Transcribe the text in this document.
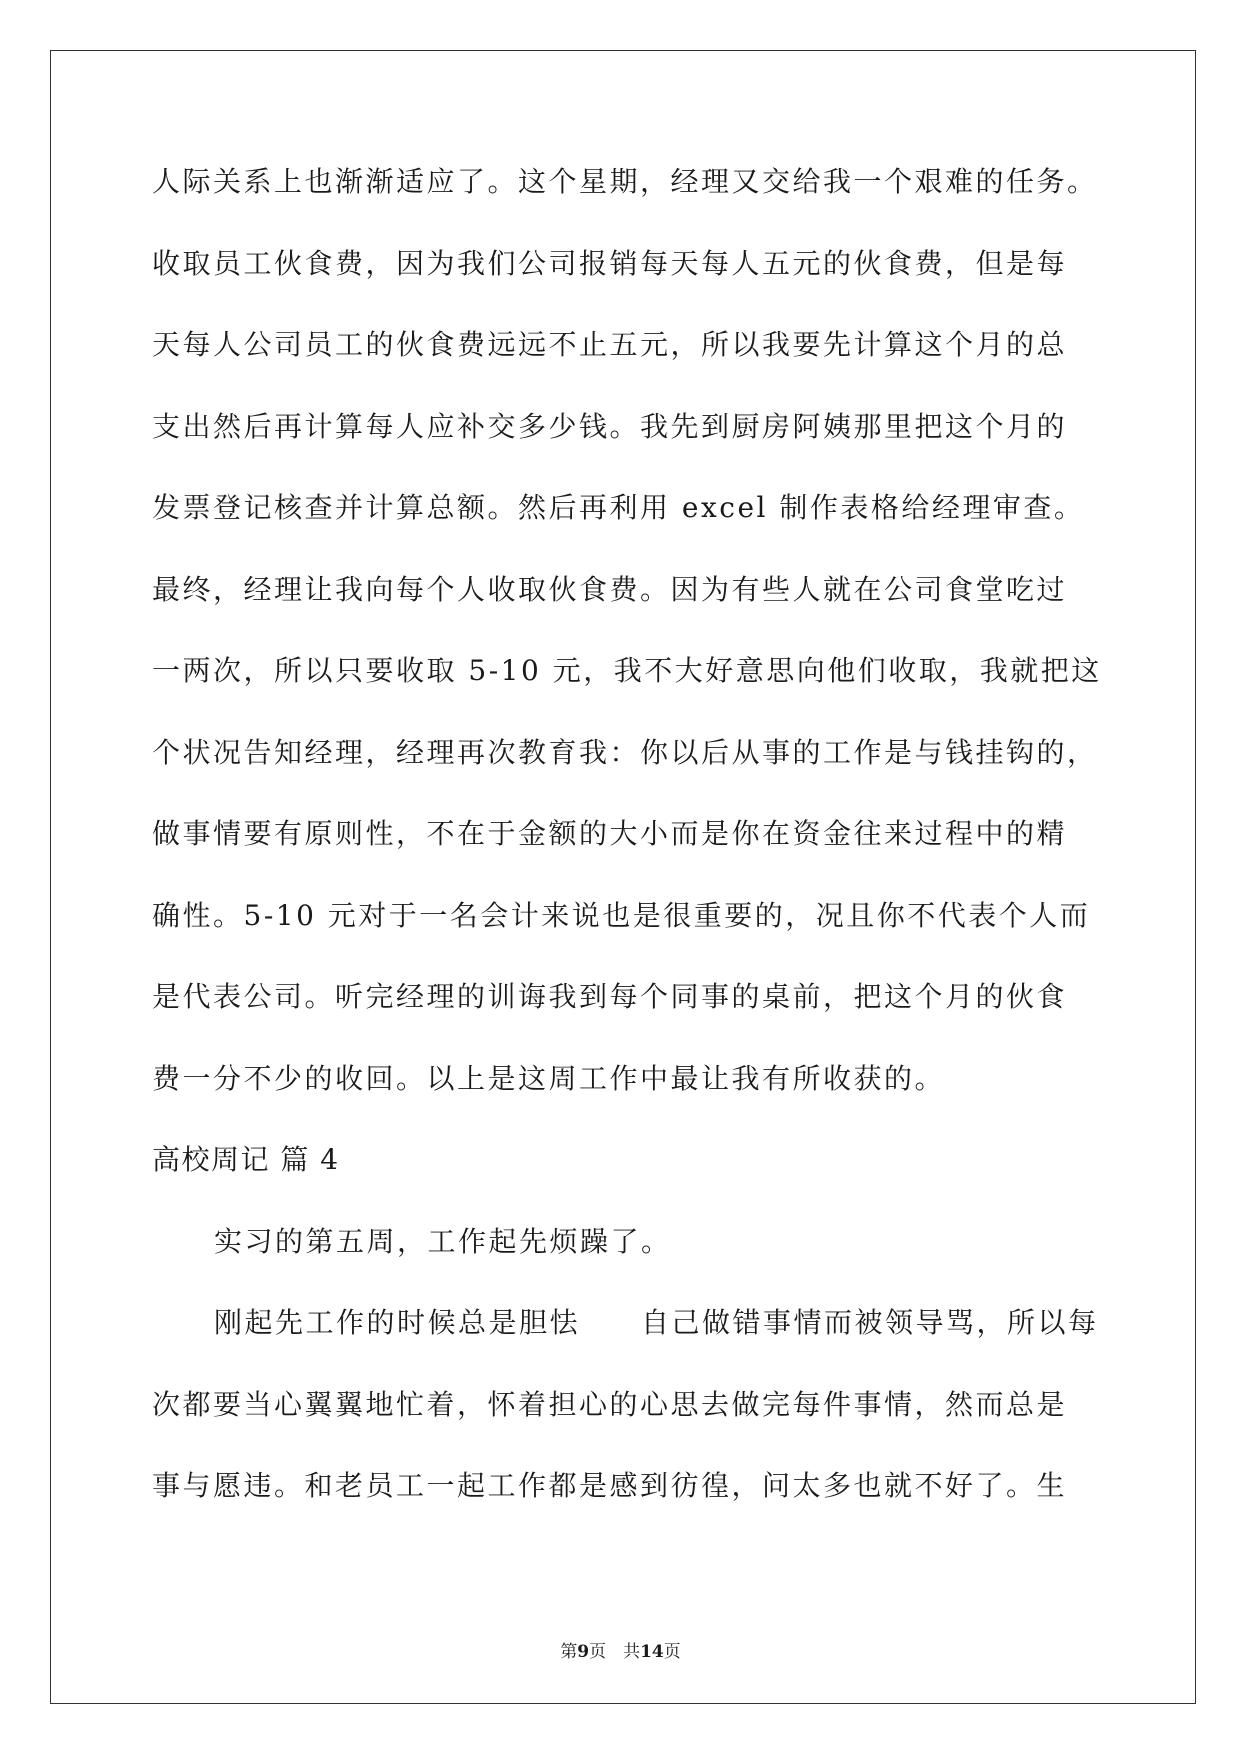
人际关系上也渐渐适应了。这个星期，经理又交给我一个艰难的任务。
收取员工伙食费，因为我们公司报销每天每人五元的伙食费，但是每
天每人公司员工的伙食费远远不止五元，所以我要先计算这个月的总
支出然后再计算每人应补交多少钱。我先到厨房阿姨那里把这个月的
发票登记核查并计算总额。然后再利用 excel 制作表格给经理审查。
最终，经理让我向每个人收取伙食费。因为有些人就在公司食堂吃过
一两次，所以只要收取 5-10 元，我不大好意思向他们收取，我就把这
个状况告知经理，经理再次教育我：你以后从事的工作是与钱挂钩的，
做事情要有原则性，不在于金额的大小而是你在资金往来过程中的精
确性。5-10 元对于一名会计来说也是很重要的，况且你不代表个人而
是代表公司。听完经理的训诲我到每个同事的桌前，把这个月的伙食
费一分不少的收回。以上是这周工作中最让我有所收获的。
高校周记 篇 4
实习的第五周，工作起先烦躁了。
刚起先工作的时候总是胆怯　　自己做错事情而被领导骂，所以每
次都要当心翼翼地忙着，怀着担心的心思去做完每件事情，然而总是
事与愿违。和老员工一起工作都是感到彷徨，问太多也就不好了。生
第9页　共14页
